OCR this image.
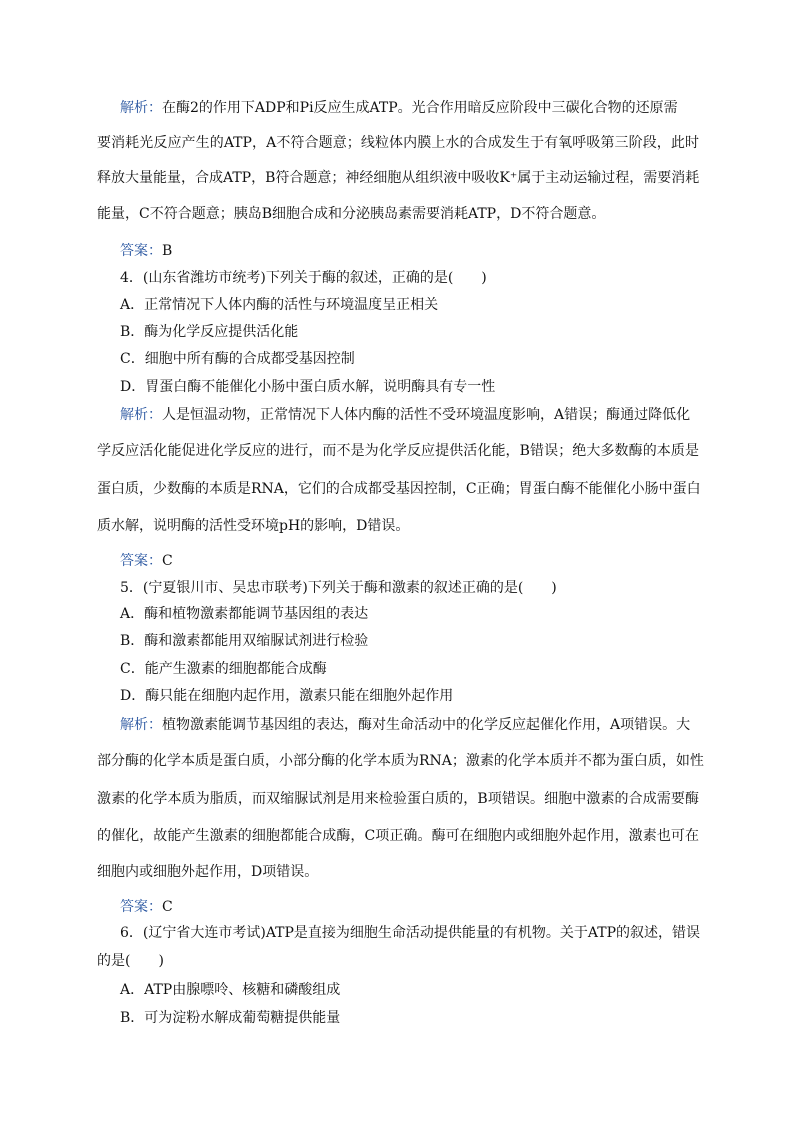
解析：在酶2的作用下ADP和Pi反应生成ATP。光合作用暗反应阶段中三碳化合物的还原需
要消耗光反应产生的ATP，A不符合题意；线粒体内膜上水的合成发生于有氧呼吸第三阶段，此时
释放大量能量，合成ATP，B符合题意；神经细胞从组织液中吸收K⁺属于主动运输过程，需要消耗
能量，C不符合题意；胰岛B细胞合成和分泌胰岛素需要消耗ATP，D不符合题意。
答案：B
4．(山东省潍坊市统考)下列关于酶的叙述，正确的是(　　)
A．正常情况下人体内酶的活性与环境温度呈正相关
B．酶为化学反应提供活化能
C．细胞中所有酶的合成都受基因控制
D．胃蛋白酶不能催化小肠中蛋白质水解，说明酶具有专一性
解析：人是恒温动物，正常情况下人体内酶的活性不受环境温度影响，A错误；酶通过降低化
学反应活化能促进化学反应的进行，而不是为化学反应提供活化能，B错误；绝大多数酶的本质是
蛋白质，少数酶的本质是RNA，它们的合成都受基因控制，C正确；胃蛋白酶不能催化小肠中蛋白
质水解，说明酶的活性受环境pH的影响，D错误。
答案：C
5．(宁夏银川市、吴忠市联考)下列关于酶和激素的叙述正确的是(　　)
A．酶和植物激素都能调节基因组的表达
B．酶和激素都能用双缩脲试剂进行检验
C．能产生激素的细胞都能合成酶
D．酶只能在细胞内起作用，激素只能在细胞外起作用
解析：植物激素能调节基因组的表达，酶对生命活动中的化学反应起催化作用，A项错误。大
部分酶的化学本质是蛋白质，小部分酶的化学本质为RNA；激素的化学本质并不都为蛋白质，如性
激素的化学本质为脂质，而双缩脲试剂是用来检验蛋白质的，B项错误。细胞中激素的合成需要酶
的催化，故能产生激素的细胞都能合成酶，C项正确。酶可在细胞内或细胞外起作用，激素也可在
细胞内或细胞外起作用，D项错误。
答案：C
6．(辽宁省大连市考试)ATP是直接为细胞生命活动提供能量的有机物。关于ATP的叙述，错误
的是(　　)
A．ATP由腺嘌呤、核糖和磷酸组成
B．可为淀粉水解成葡萄糖提供能量
